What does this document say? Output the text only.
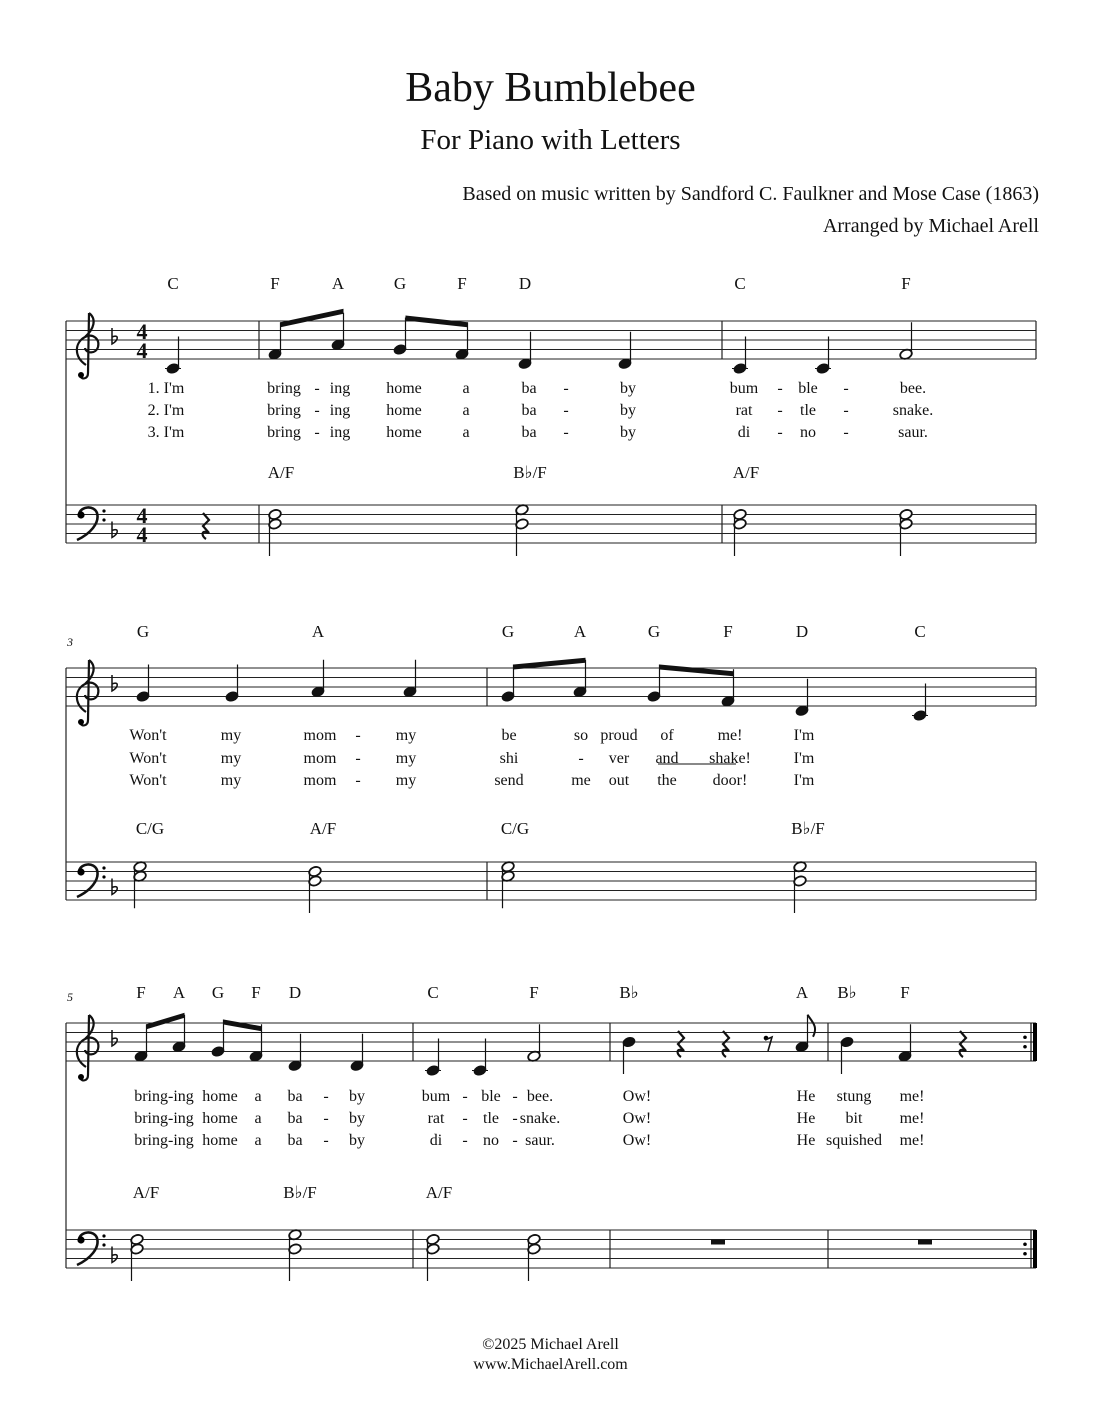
Baby Bumblebee
For Piano with Letters
Based on music written by Sandford C. Faulkner and Mose Case (1863)
Arranged by Michael Arell
4
4
4
4
C	F	A	G	F	D	C	F
A/F	B♭/F	A/F
1. I'm	bring - ing home	a	ba -	by	bum - ble -	bee.
2. I'm	bring - ing home	a	ba -	by	rat - tle -	snake.
3. I'm	bring - ing home	a	ba -	by	di - no -	saur.
3
G	A	G	A	G	F	D	C
C/G	A/F	C/G	B♭/F
Won't	my	mom - my	be	so proud of	me!	I'm
Won't	my	mom - my	shi	- ver and shake!	I'm
Won't	my	mom - my	send	me out the door!	I'm
5	F A G F D	C	F	B♭	A B♭	F
A/F	B♭/F	A/F
bring-ing home a ba - by	bum - ble - bee.	Ow!	He stung me!
bring-ing home a ba - by	rat - tle - snake.	Ow!	He bit me!
bring-ing home a ba - by	di - no - saur.	Ow!	He squished me!
©2025 Michael Arell
www.MichaelArell.com
